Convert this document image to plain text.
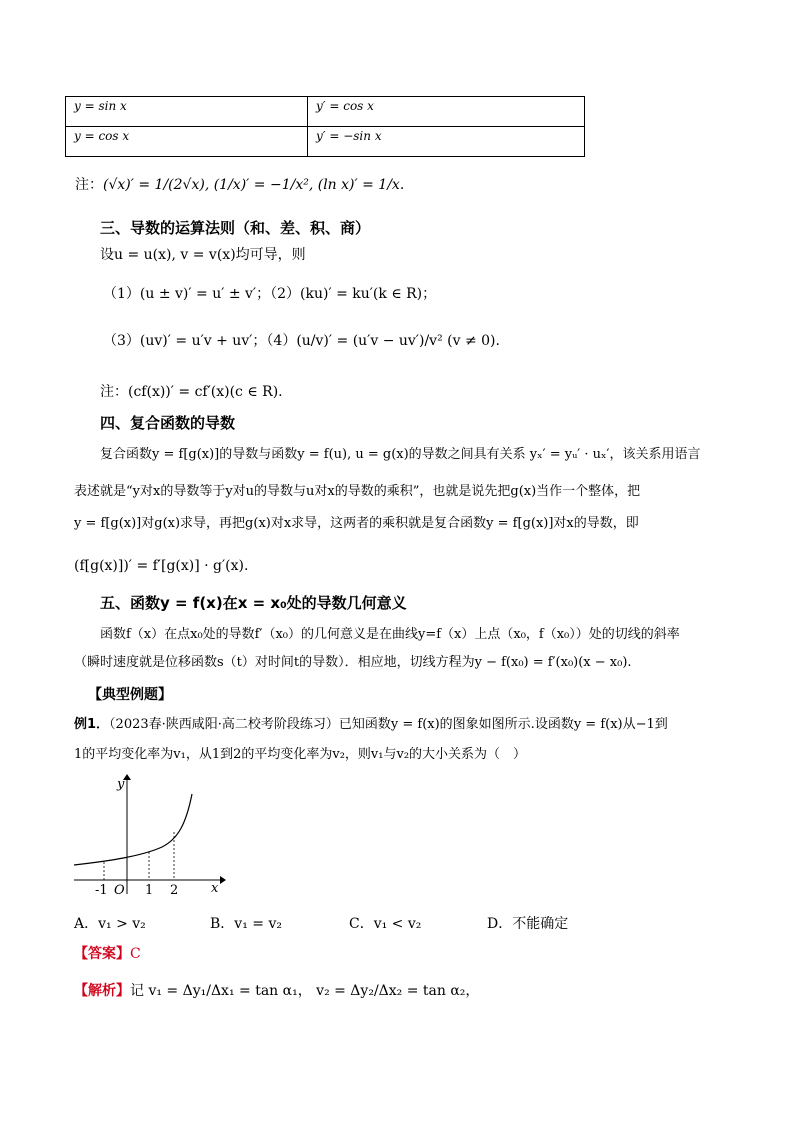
y = sin x	y′ = cos x
y = cos x	y′ = −sin x
注：(√x)′ = 1/(2√x), (1/x)′ = −1/x², (ln x)′ = 1/x.
三、导数的运算法则（和、差、积、商）
设u = u(x), v = v(x)均可导，则
（1）(u ± v)′ = u′ ± v′；（2）(ku)′ = ku′(k ∈ R)；
（3）(uv)′ = u′v + uv′；（4）(u/v)′ = (u′v − uv′)/v² (v ≠ 0).
注：(cf(x))′ = cf′(x)(c ∈ R).
四、复合函数的导数
复合函数y = f[g(x)]的导数与函数y = f(u), u = g(x)的导数之间具有关系 yₓ′ = yᵤ′ · uₓ′，该关系用语言
表述就是“y对x的导数等于y对u的导数与u对x的导数的乘积”，也就是说先把g(x)当作一个整体，把
y = f[g(x)]对g(x)求导，再把g(x)对x求导，这两者的乘积就是复合函数y = f[g(x)]对x的导数，即
(f[g(x)])′ = f′[g(x)] · g′(x).
五、函数y = f(x)在x = x₀处的导数几何意义
函数f（x）在点x₀处的导数f′（x₀）的几何意义是在曲线y=f（x）上点（x₀，f（x₀））处的切线的斜率
（瞬时速度就是位移函数s（t）对时间t的导数）．相应地，切线方程为y − f(x₀) = f′(x₀)(x − x₀).
【典型例题】
例1．（2023春·陕西咸阳·高二校考阶段练习）已知函数y = f(x)的图象如图所示.设函数y = f(x)从−1到
1的平均变化率为v₁，从1到2的平均变化率为v₂，则v₁与v₂的大小关系为（　）
y
x
O
-1	1 2
A．v₁ > v₂	B．v₁ = v₂	C．v₁ < v₂	D．不能确定
【答案】C
【解析】记 v₁ = Δy₁/Δx₁ = tan α₁， v₂ = Δy₂/Δx₂ = tan α₂，
